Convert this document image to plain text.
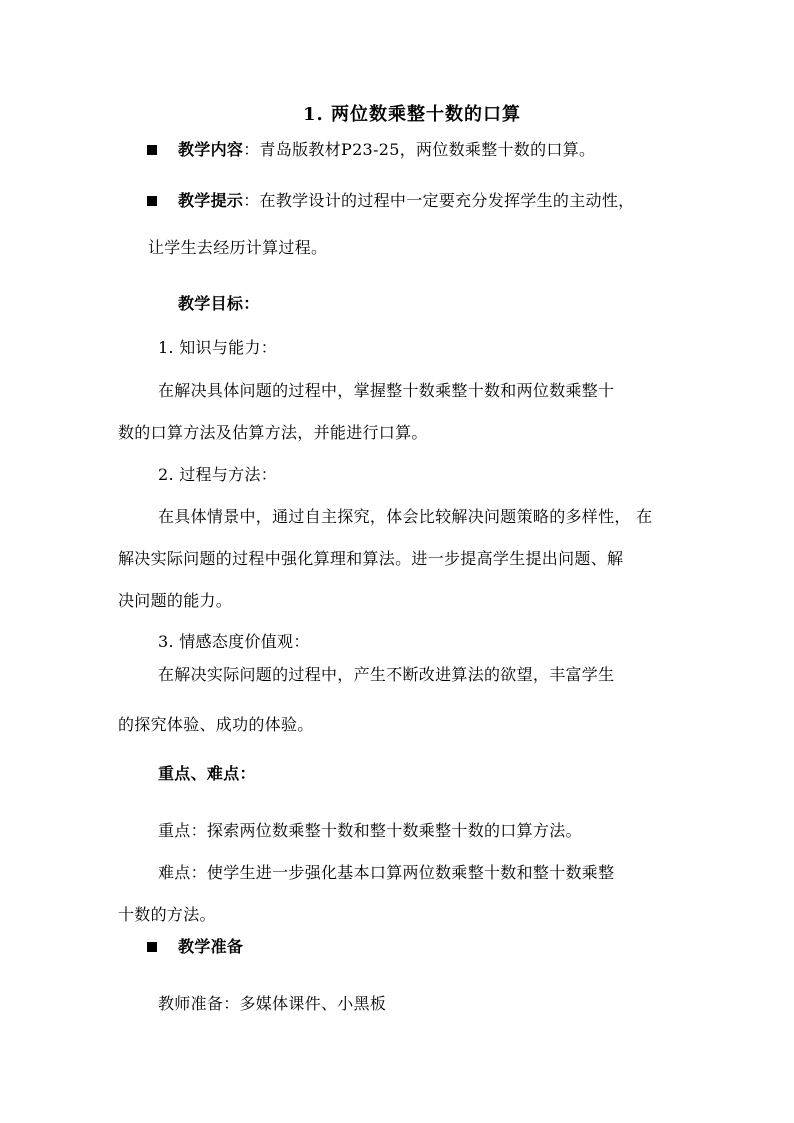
1. 两位数乘整十数的口算
教学内容：青岛版教材P23-25，两位数乘整十数的口算。
教学提示：在教学设计的过程中一定要充分发挥学生的主动性，
让学生去经历计算过程。
教学目标：
1. 知识与能力：
在解决具体问题的过程中，掌握整十数乘整十数和两位数乘整十
数的口算方法及估算方法，并能进行口算。
2. 过程与方法：
在具体情景中，通过自主探究，体会比较解决问题策略的多样性， 在
解决实际问题的过程中强化算理和算法。进一步提高学生提出问题、解
决问题的能力。
3. 情感态度价值观：
在解决实际问题的过程中，产生不断改进算法的欲望，丰富学生
的探究体验、成功的体验。
重点、难点：
重点：探索两位数乘整十数和整十数乘整十数的口算方法。
难点：使学生进一步强化基本口算两位数乘整十数和整十数乘整
十数的方法。
教学准备
教师准备：多媒体课件、小黑板
